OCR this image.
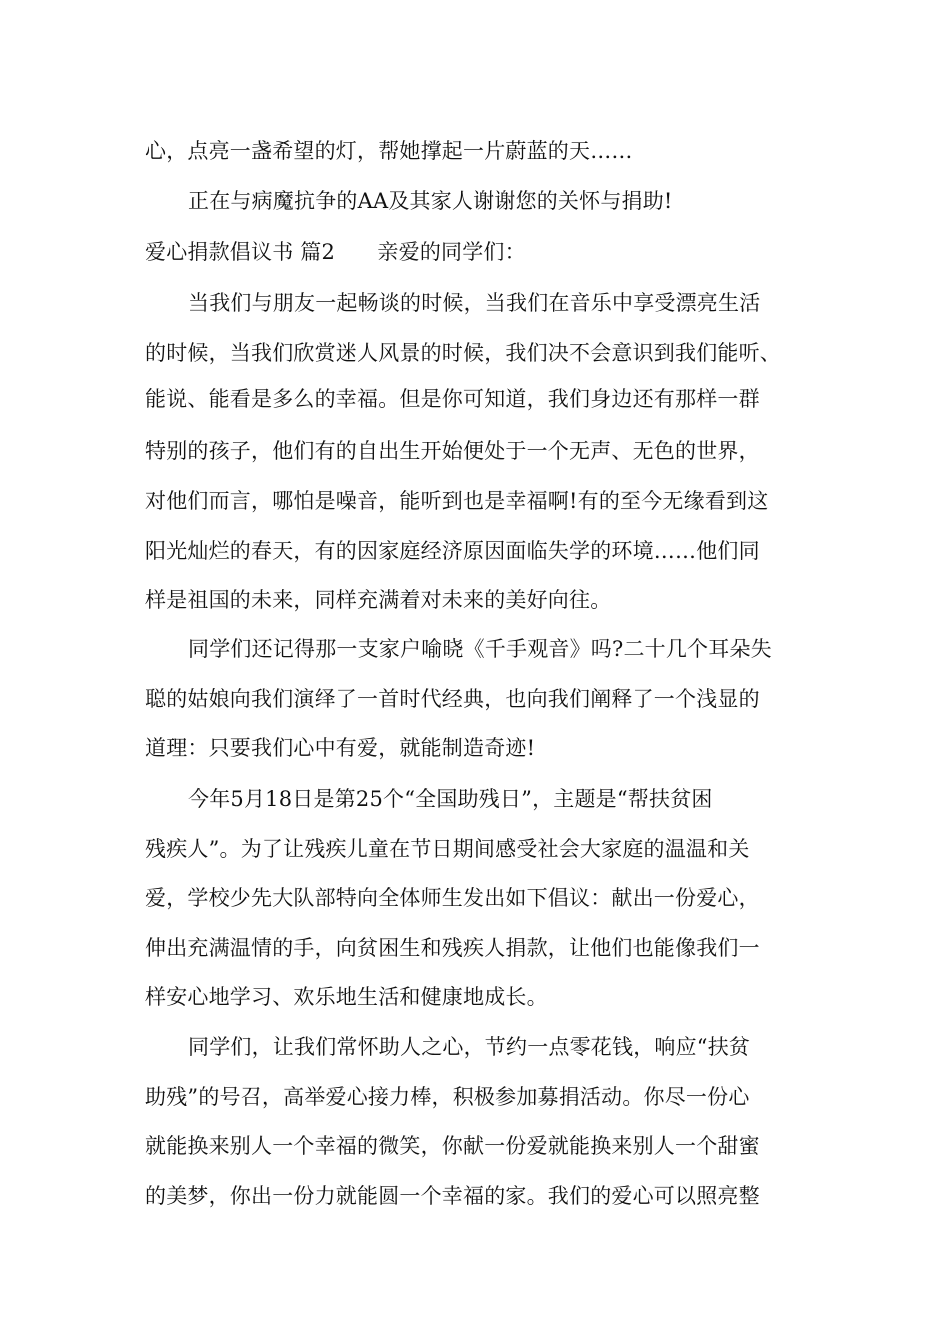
心，点亮一盏希望的灯，帮她撑起一片蔚蓝的天……
正在与病魔抗争的AA及其家人谢谢您的关怀与捐助!
爱心捐款倡议书 篇2　　亲爱的同学们：
当我们与朋友一起畅谈的时候，当我们在音乐中享受漂亮生活
的时候，当我们欣赏迷人风景的时候，我们决不会意识到我们能听、
能说、能看是多么的幸福。但是你可知道，我们身边还有那样一群
特别的孩子，他们有的自出生开始便处于一个无声、无色的世界，
对他们而言，哪怕是噪音，能听到也是幸福啊!有的至今无缘看到这
阳光灿烂的春天，有的因家庭经济原因面临失学的环境……他们同
样是祖国的未来，同样充满着对未来的美好向往。
同学们还记得那一支家户喻晓《千手观音》吗?二十几个耳朵失
聪的姑娘向我们演绎了一首时代经典，也向我们阐释了一个浅显的
道理：只要我们心中有爱，就能制造奇迹!
今年5月18日是第25个“全国助残日”，主题是“帮扶贫困
残疾人”。为了让残疾儿童在节日期间感受社会大家庭的温温和关
爱，学校少先大队部特向全体师生发出如下倡议：献出一份爱心，
伸出充满温情的手，向贫困生和残疾人捐款，让他们也能像我们一
样安心地学习、欢乐地生活和健康地成长。
同学们，让我们常怀助人之心，节约一点零花钱，响应“扶贫
助残”的号召，高举爱心接力棒，积极参加募捐活动。你尽一份心
就能换来别人一个幸福的微笑，你献一份爱就能换来别人一个甜蜜
的美梦，你出一份力就能圆一个幸福的家。我们的爱心可以照亮整
